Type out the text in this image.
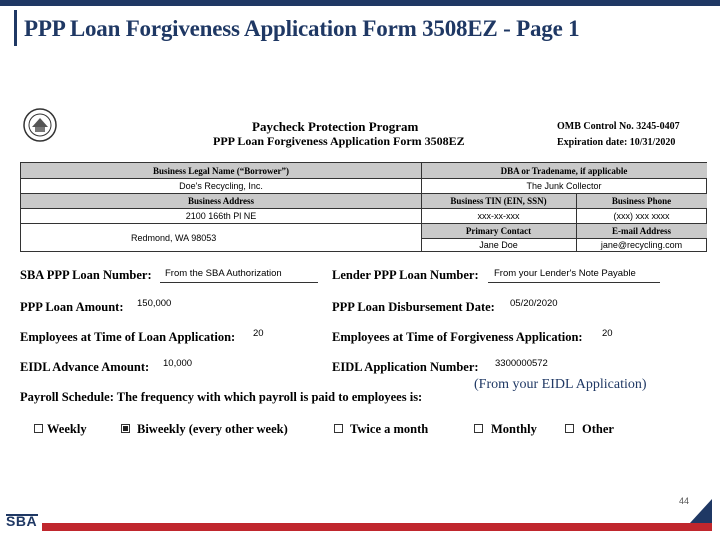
PPP Loan Forgiveness Application Form 3508EZ - Page 1
Paycheck Protection Program
PPP Loan Forgiveness Application Form 3508EZ
OMB Control No. 3245-0407
Expiration date: 10/31/2020
Business Legal Name (“Borrower”)	DBA or Tradename, if applicable
Doe's Recycling, Inc.	The Junk Collector
Business Address	Business TIN (EIN, SSN)	Business Phone
2100 166th Pl NE	xxx-xx-xxx	(xxx) xxx xxxx
Redmond, WA 98053
Primary Contact	E-mail Address
Jane Doe	jane@recycling.com
SBA PPP Loan Number: From the SBA Authorization	Lender PPP Loan Number: From your Lender's Note Payable
PPP Loan Amount: 150,000	PPP Loan Disbursement Date: 05/20/2020
Employees at Time of Loan Application: 20	Employees at Time of Forgiveness Application: 20
EIDL Advance Amount: 10,000	EIDL Application Number: 3300000572
(From your EIDL Application)
Payroll Schedule: The frequency with which payroll is paid to employees is:
Weekly	Biweekly (every other week)	Twice a month	Monthly	Other
44
SBA
